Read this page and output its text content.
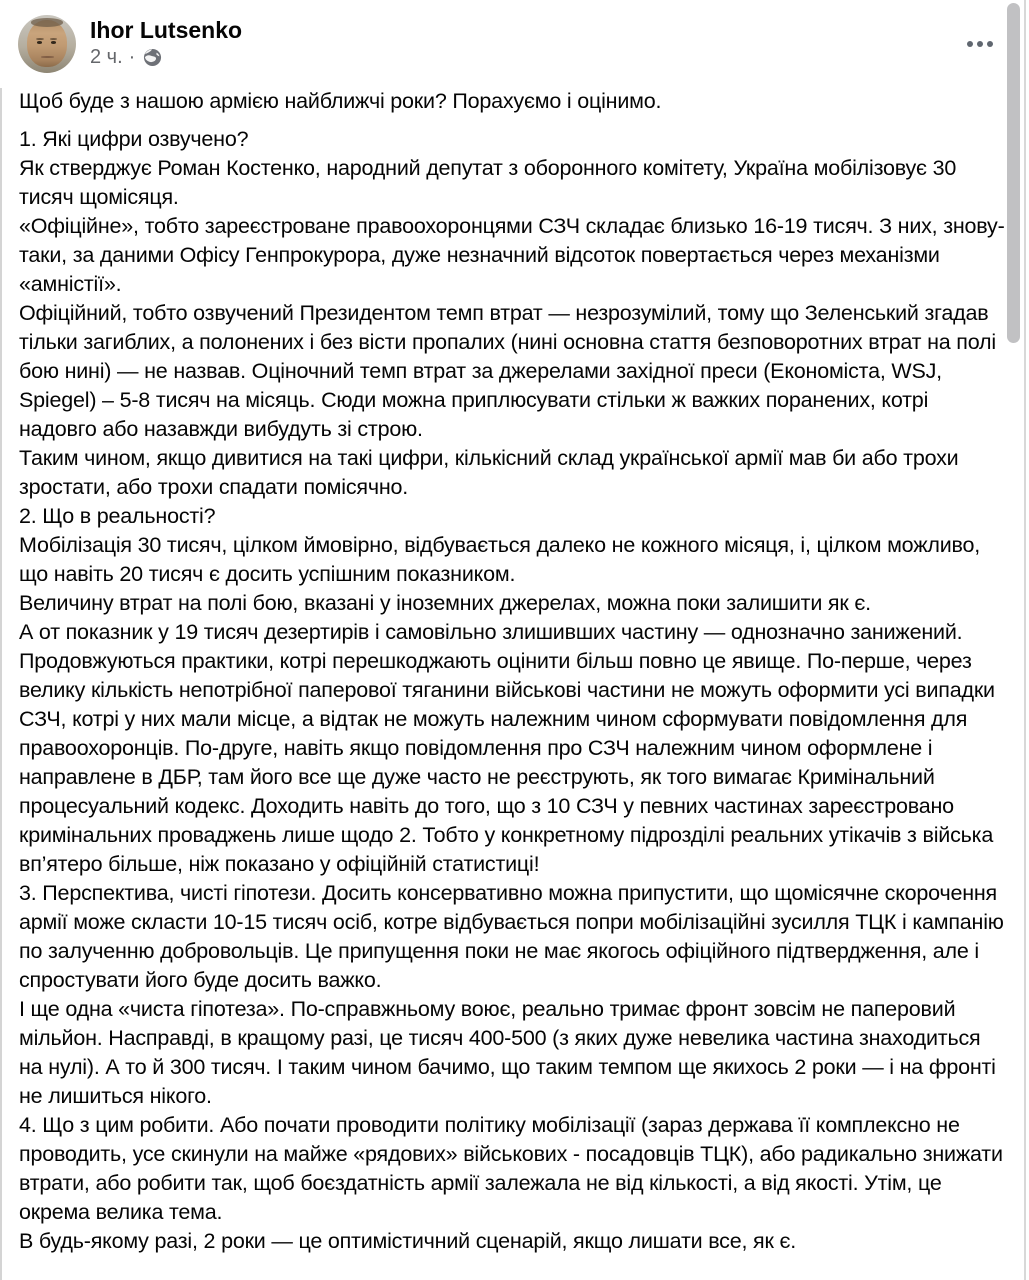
Ihor Lutsenko
2 ч. ·
Щоб буде з нашою армією найближчі роки? Порахуємо і оцінимо.
1. Які цифри озвучено?
Як стверджує Роман Костенко, народний депутат з оборонного комітету, Україна мобілізовує 30 тисяч щомісяця.
«Офіційне», тобто зареєстроване правоохоронцями СЗЧ складає близько 16-19 тисяч. З них, знову-таки, за даними Офісу Генпрокурора, дуже незначний відсоток повертається через механізми «амністії».
Офіційний, тобто озвучений Президентом темп втрат — незрозумілий, тому що Зеленський згадав тільки загиблих, а полонених і без вісти пропалих (нині основна стаття безповоротних втрат на полі бою нині) — не назвав. Оціночний темп втрат за джерелами західної преси (Економіста, WSJ, Spiegel) – 5-8 тисяч на місяць. Сюди можна приплюсувати стільки ж важких поранених, котрі надовго або назавжди вибудуть зі строю.
Таким чином, якщо дивитися на такі цифри, кількісний склад української армії мав би або трохи зростати, або трохи спадати помісячно.
2. Що в реальності?
Мобілізація 30 тисяч, цілком ймовірно, відбувається далеко не кожного місяця, і, цілком можливо, що навіть 20 тисяч є досить успішним показником.
Величину втрат на полі бою, вказані у іноземних джерелах, можна поки залишити як є.
А от показник у 19 тисяч дезертирів і самовільно злишивших частину — однозначно занижений. Продовжуються практики, котрі перешкоджають оцінити більш повно це явище. По-перше, через велику кількість непотрібної паперової тяганини військові частини не можуть оформити усі випадки СЗЧ, котрі у них мали місце, а відтак не можуть належним чином сформувати повідомлення для правоохоронців. По-друге, навіть якщо повідомлення про СЗЧ належним чином оформлене і направлене в ДБР, там його все ще дуже часто не реєструють, як того вимагає Кримінальний процесуальний кодекс. Доходить навіть до того, що з 10 СЗЧ у певних частинах зареєстровано кримінальних проваджень лише щодо 2. Тобто у конкретному підрозділі реальних утікачів з війська вп’ятеро більше, ніж показано у офіційній статистиці!
3. Перспектива, чисті гіпотези. Досить консервативно можна припустити, що щомісячне скорочення армії може скласти 10-15 тисяч осіб, котре відбувається попри мобілізаційні зусилля ТЦК і кампанію по залученню добровольців. Це припущення поки не має якогось офіційного підтвердження, але і спростувати його буде досить важко.
І ще одна «чиста гіпотеза». По-справжньому воює, реально тримає фронт зовсім не паперовий мільйон. Насправді, в кращому разі, це тисяч 400-500 (з яких дуже невелика частина знаходиться на нулі). А то й 300 тисяч. І таким чином бачимо, що таким темпом ще якихось 2 роки — і на фронті не лишиться нікого.
4. Що з цим робити. Або почати проводити політику мобілізації (зараз держава її комплексно не проводить, усе скинули на майже «рядових» військових - посадовців ТЦК), або радикально знижати втрати, або робити так, щоб боєздатність армії залежала не від кількості, а від якості. Утім, це окрема велика тема.
В будь-якому разі, 2 роки — це оптимістичний сценарій, якщо лишати все, як є.
